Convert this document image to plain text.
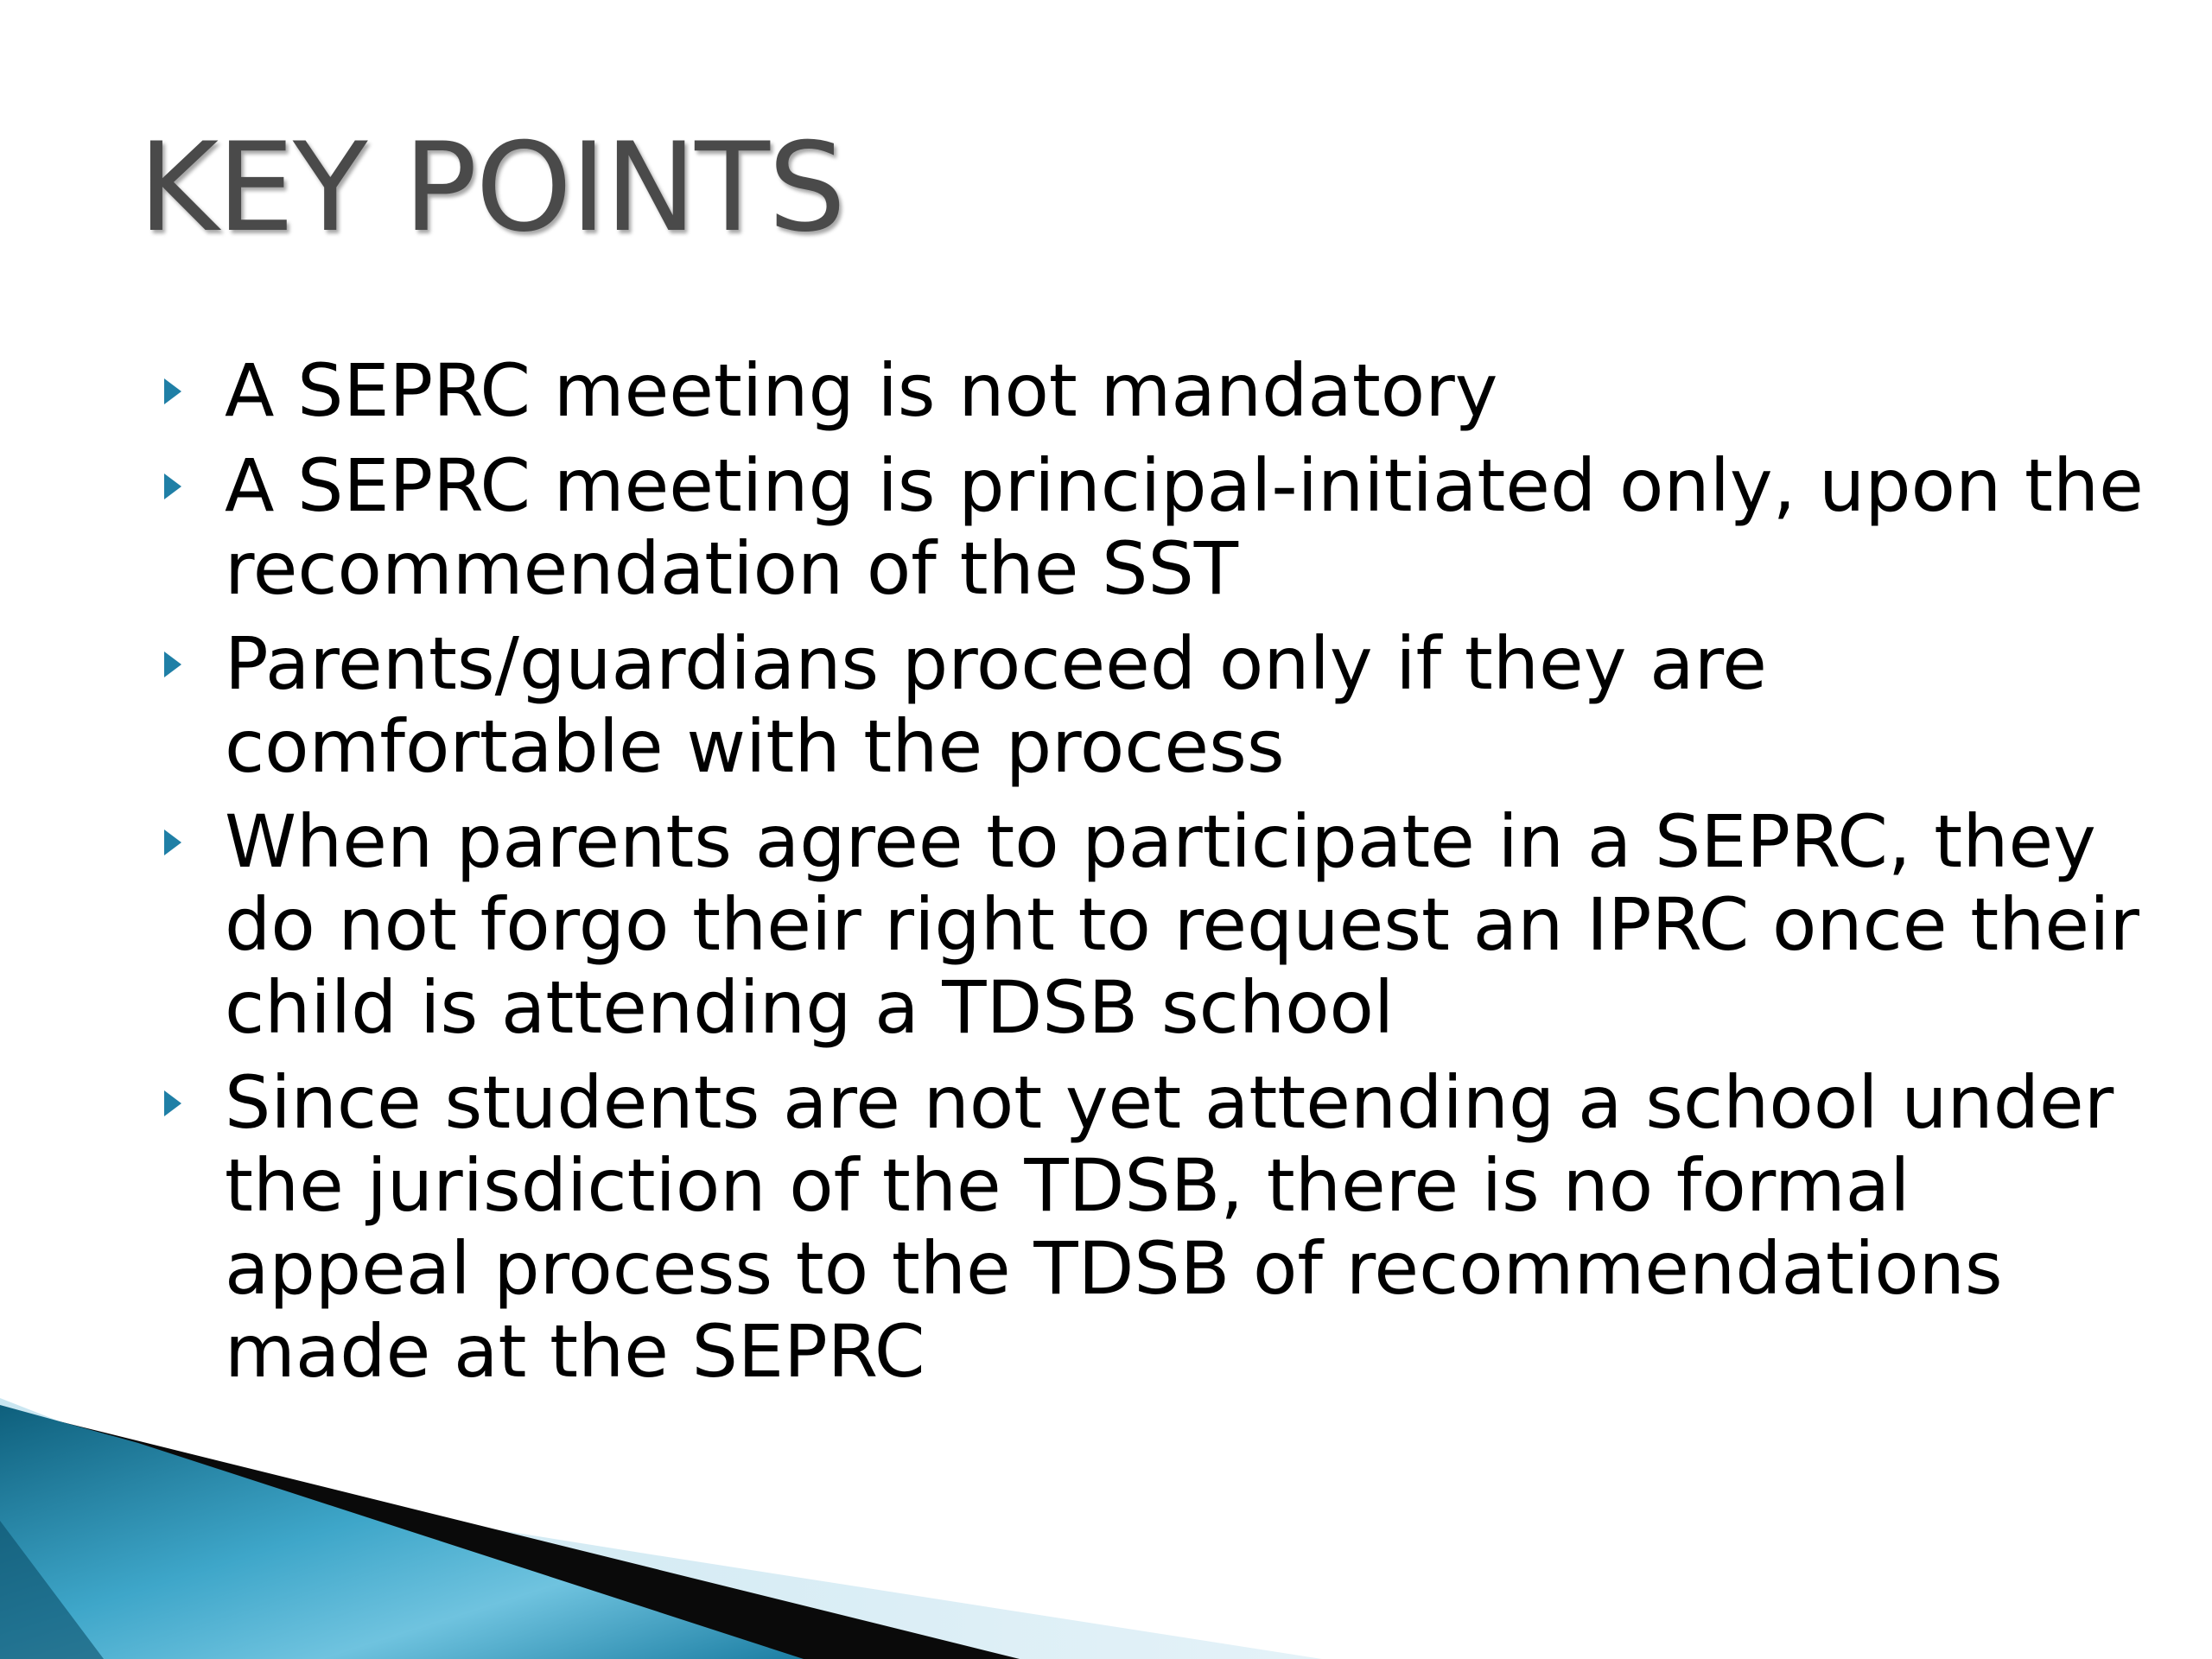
KEY POINTS
A SEPRC meeting is not mandatory
A SEPRC meeting is principal-initiated only, upon the recommendation of the SST
Parents/guardians proceed only if they are comfortable with the process
When parents agree to participate in a SEPRC, they do not forgo their right to request an IPRC once their child is attending a TDSB school
Since students are not yet attending a school under the jurisdiction of the TDSB, there is no formal appeal process to the TDSB of recommendations made at the SEPRC
